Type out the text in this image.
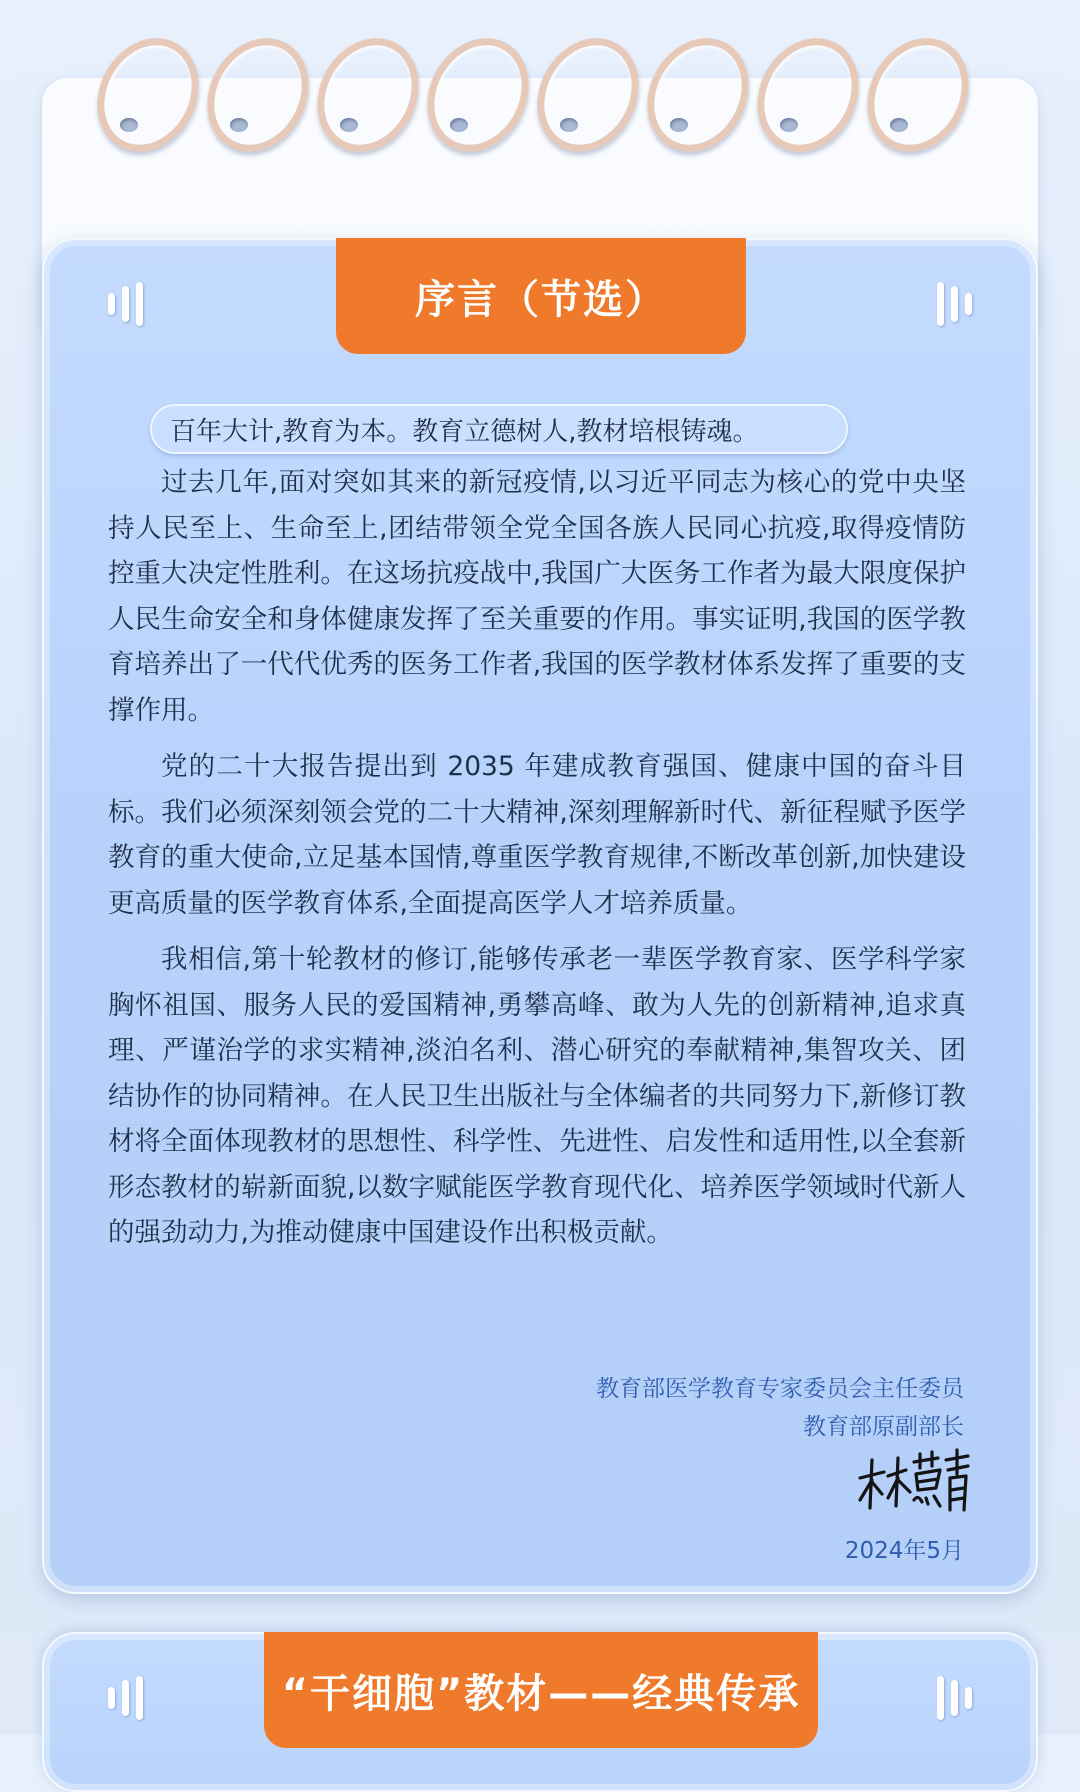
序言（节选）
百年大计,教育为本。教育立德树人,教材培根铸魂。

过去几年,面对突如其来的新冠疫情,以习近平同志为核心的党中央坚持人民至上、生命至上,团结带领全党全国各族人民同心抗疫,取得疫情防控重大决定性胜利。在这场抗疫战中,我国广大医务工作者为最大限度保护人民生命安全和身体健康发挥了至关重要的作用。事实证明,我国的医学教育培养出了一代代优秀的医务工作者,我国的医学教材体系发挥了重要的支撑作用。

党的二十大报告提出到 2035 年建成教育强国、健康中国的奋斗目标。我们必须深刻领会党的二十大精神,深刻理解新时代、新征程赋予医学教育的重大使命,立足基本国情,尊重医学教育规律,不断改革创新,加快建设更高质量的医学教育体系,全面提高医学人才培养质量。

我相信,第十轮教材的修订,能够传承老一辈医学教育家、医学科学家胸怀祖国、服务人民的爱国精神,勇攀高峰、敢为人先的创新精神,追求真理、严谨治学的求实精神,淡泊名利、潜心研究的奉献精神,集智攻关、团结协作的协同精神。在人民卫生出版社与全体编者的共同努力下,新修订教材将全面体现教材的思想性、科学性、先进性、启发性和适用性,以全套新形态教材的崭新面貌,以数字赋能医学教育现代化、培养医学领域时代新人的强劲动力,为推动健康中国建设作出积极贡献。

教育部医学教育专家委员会主任委员
教育部原副部长
林蕙青
2024年5月
“干细胞”教材——经典传承
